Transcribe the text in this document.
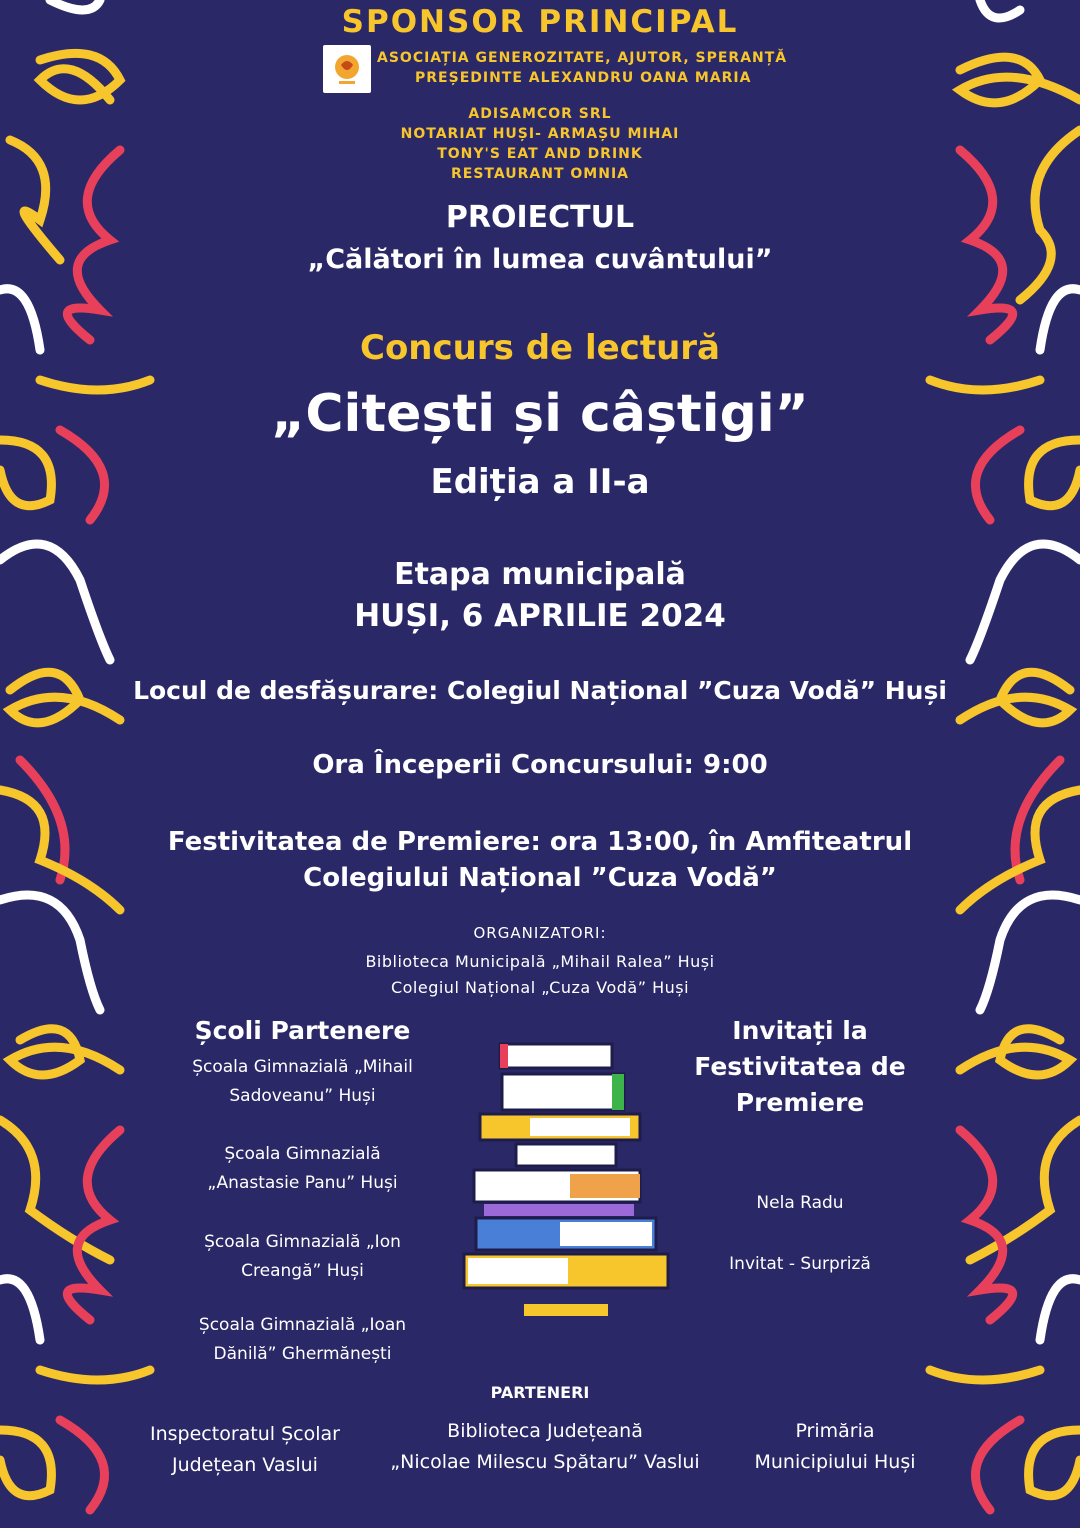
SPONSOR PRINCIPAL
ASOCIAȚIA GENEROZITATE, AJUTOR, SPERANȚĂ
PREȘEDINTE ALEXANDRU OANA MARIA
ADISAMCOR SRL
NOTARIAT HUȘI- ARMAȘU MIHAI
TONY'S EAT AND DRINK
RESTAURANT OMNIA
PROIECTUL
„Călători în lumea cuvântului”
Concurs de lectură
„Citești și câștigi”
Ediția a II-a
Etapa municipală
HUȘI, 6 APRILIE 2024
Locul de desfășurare: Colegiul Național ”Cuza Vodă” Huși
Ora Începerii Concursului: 9:00
Festivitatea de Premiere: ora 13:00, în Amfiteatrul
Colegiului Național ”Cuza Vodă”
ORGANIZATORI:
Biblioteca Municipală „Mihail Ralea” Huși
Colegiul Național „Cuza Vodă” Huși
Școli Partenere
Școala Gimnazială „Mihail
Sadoveanu” Huși
Școala Gimnazială
„Anastasie Panu” Huși
Școala Gimnazială „Ion
Creangă” Huși
Școala Gimnazială „Ioan
Dănilă” Ghermănești
Invitați la
Festivitatea de
Premiere
Nela Radu
Invitat - Surpriză
PARTENERI
Inspectoratul Școlar
Județean Vaslui
Biblioteca Județeană
„Nicolae Milescu Spătaru” Vaslui
Primăria
Municipiului Huși
